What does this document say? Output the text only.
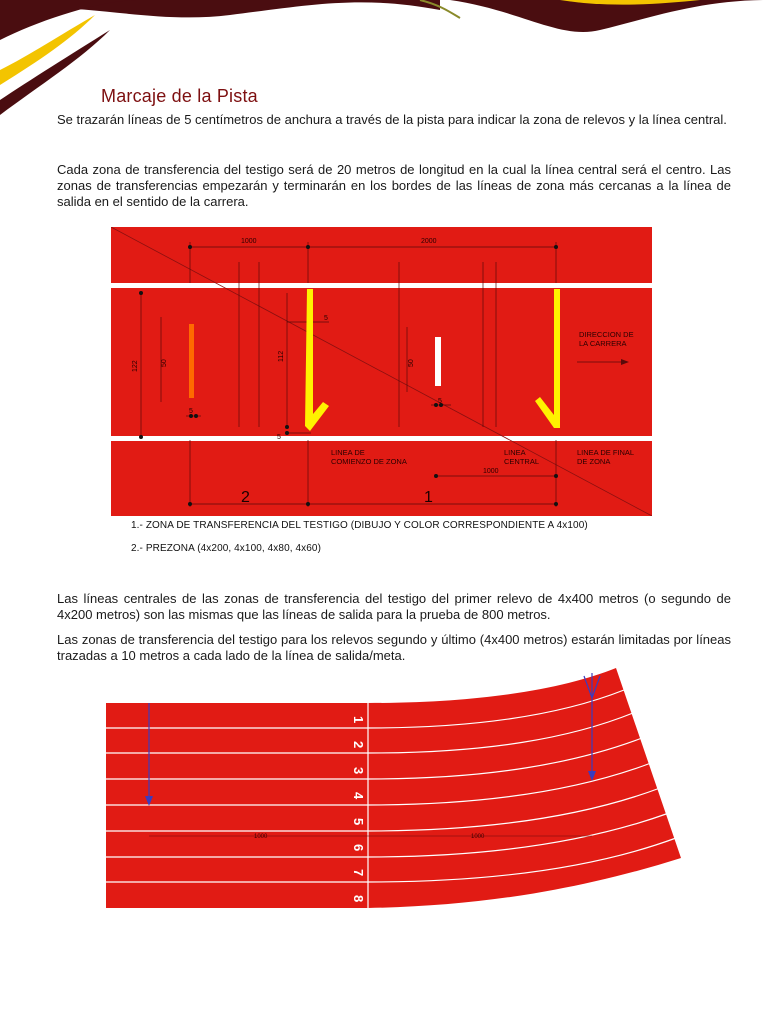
Marcaje de la Pista

Se trazarán líneas de 5 centímetros de anchura a través de la pista para indicar la zona de relevos y la línea central.

Cada zona de transferencia del testigo será de 20 metros de longitud en la cual la línea central será el centro. Las zonas de transferencias empezarán y terminarán en los bordes de las líneas de zona más cercanas a la línea de salida en el sentido de la carrera.

1000	2000
122	50
112
50
5
5
5
5
1000
DIRECCION DE
LA CARRERA
LINEA DE
COMIENZO DE ZONA
LINEA
CENTRAL
LINEA DE FINAL
DE ZONA
2	1
1.- ZONA DE TRANSFERENCIA DEL TESTIGO (DIBUJO Y COLOR CORRESPONDIENTE A 4x100)
2.- PREZONA (4x200, 4x100, 4x80, 4x60)

Las líneas centrales de las zonas de transferencia del testigo del primer relevo de 4x400 metros (o segundo de 4x200 metros) son las mismas que las líneas de salida para la prueba de 800 metros.

Las zonas de transferencia del testigo para los relevos segundo y último (4x400 metros) estarán limitadas por líneas trazadas a 10 metros a cada lado de la línea de salida/meta.

1000	1000
1
2
3
4
5
6
7
8
